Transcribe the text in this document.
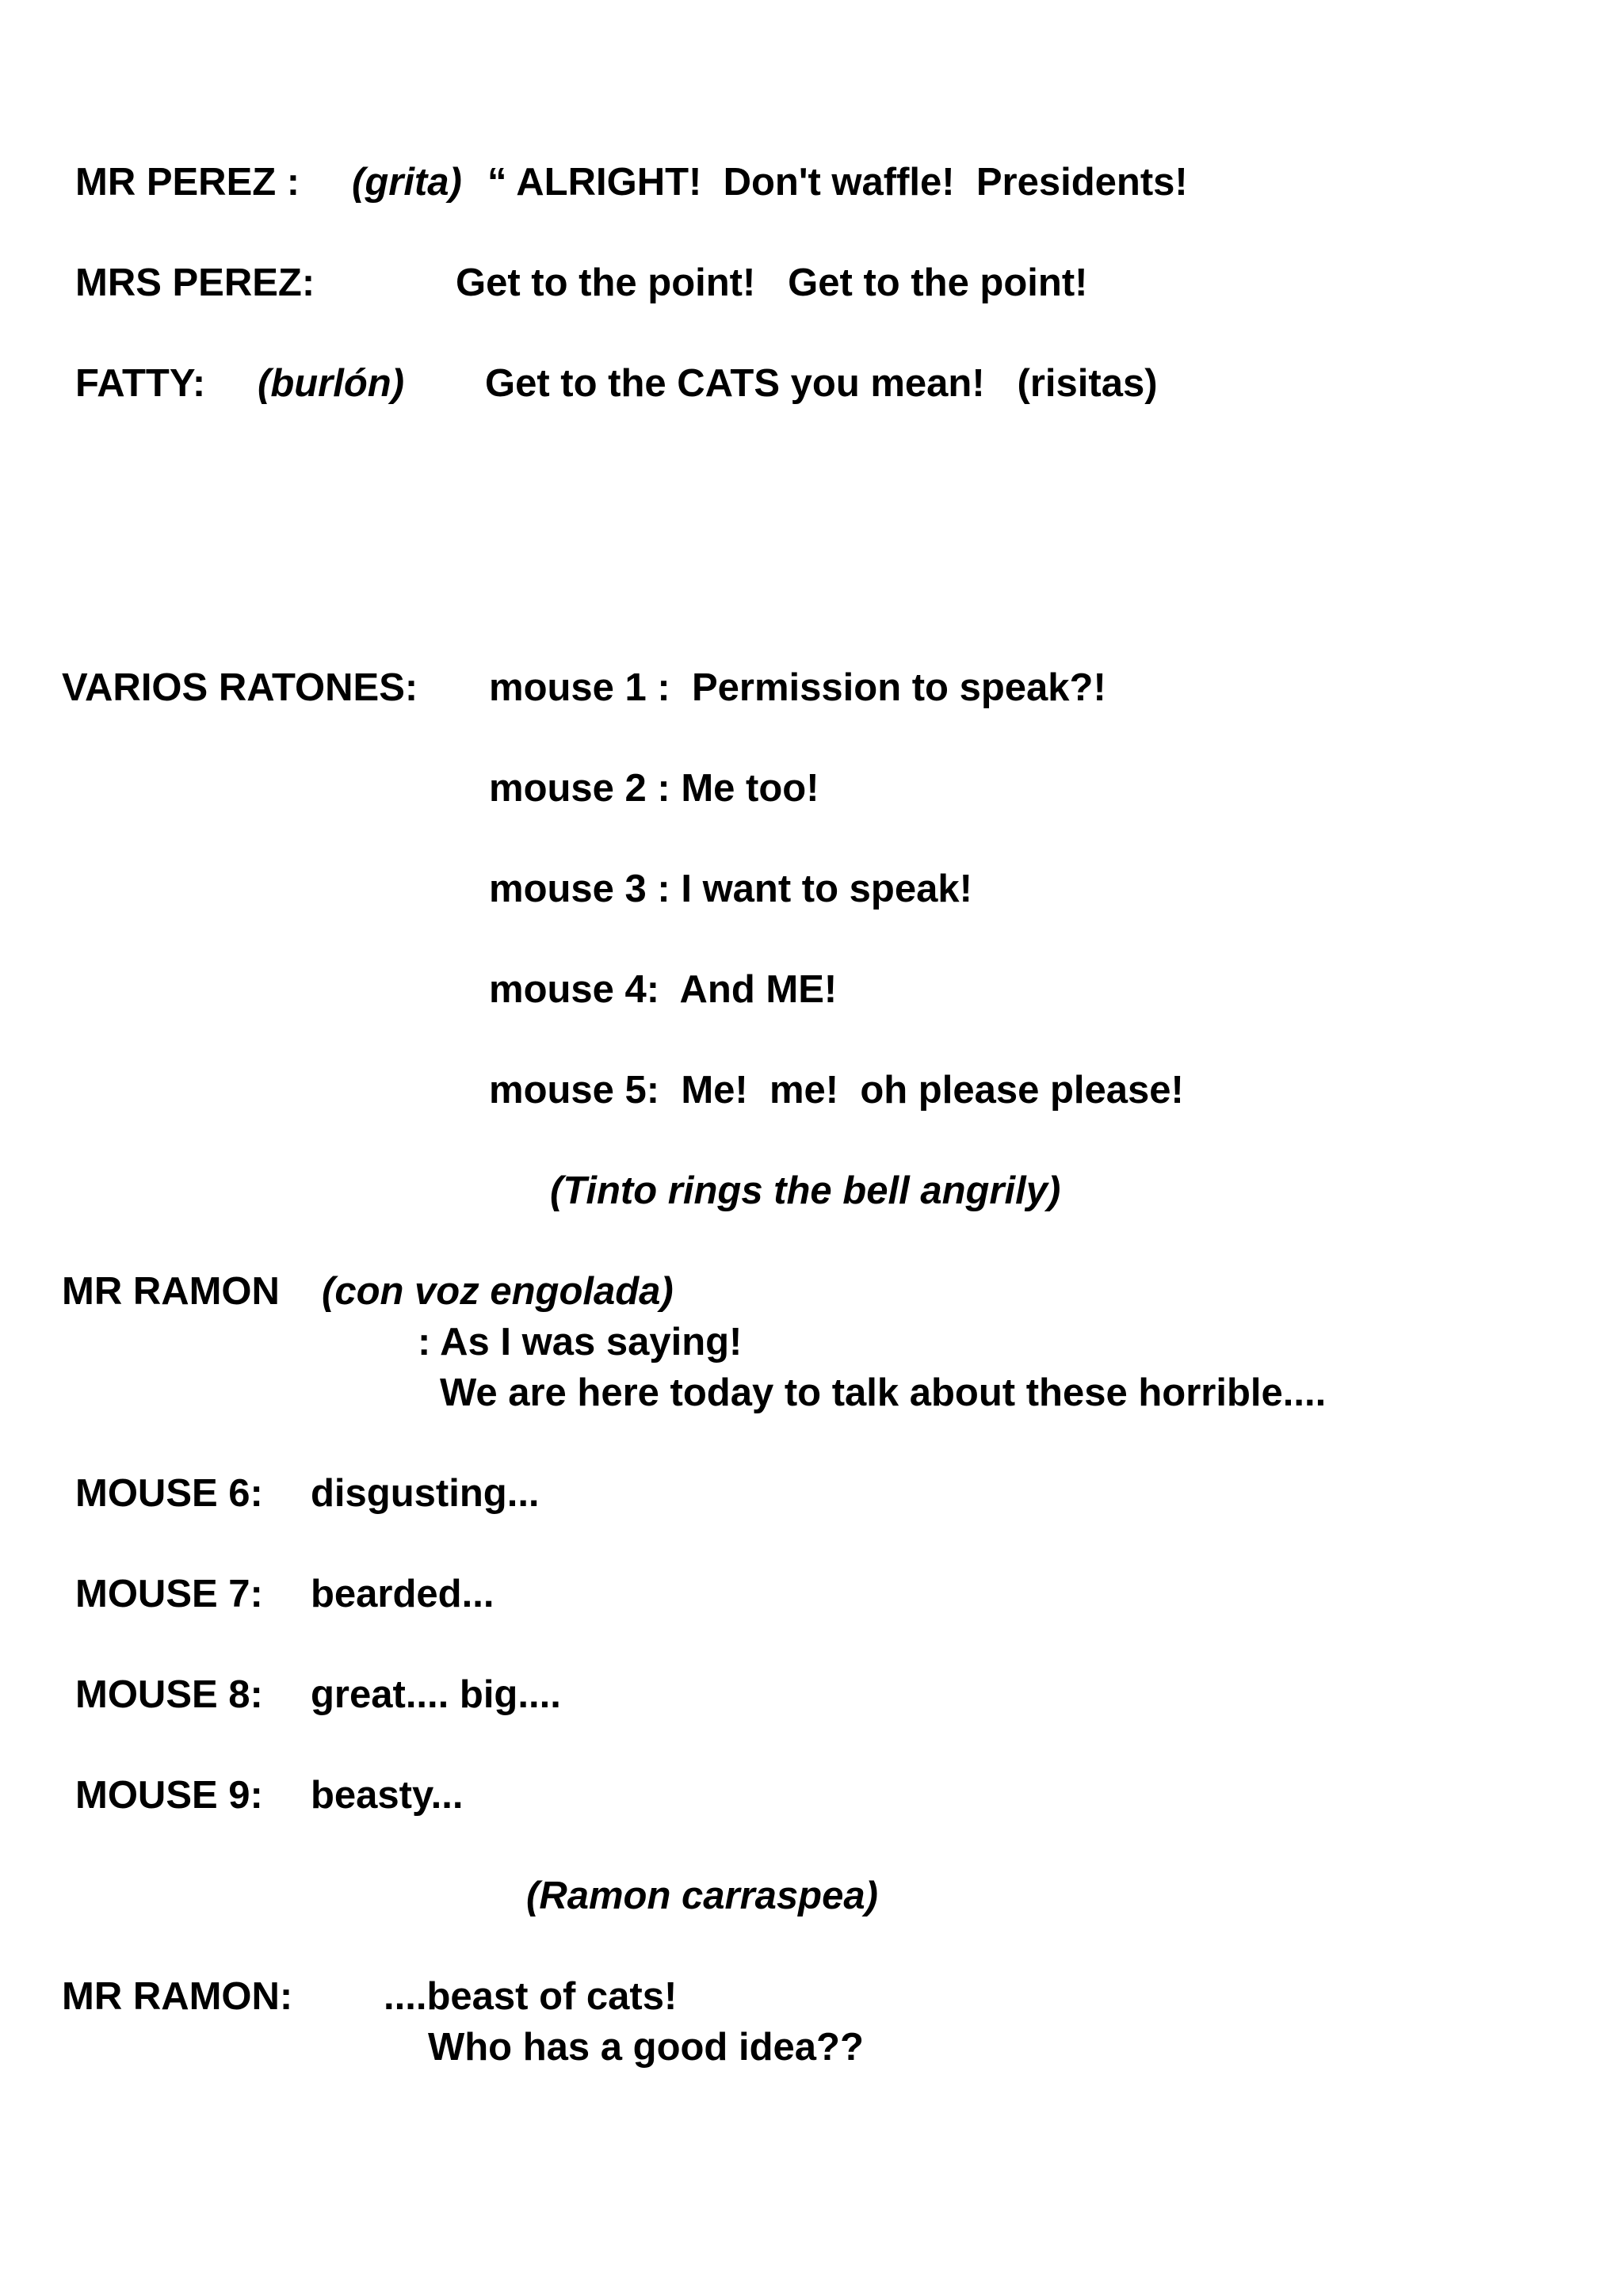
MR PEREZ : (grita) “ ALRIGHT!  Don't waffle!  Presidents!
MRS PEREZ:	Get to the point!   Get to the point!
FATTY: (burlón) Get to the CATS you mean!   (risitas)
VARIOS RATONES: mouse 1 :  Permission to speak?!
mouse 2 : Me too!
mouse 3 : I want to speak!
mouse 4:  And ME!
mouse 5:  Me!  me!  oh please please!
(Tinto rings the bell angrily)
MR RAMON (con voz engolada)
: As I was saying!
We are here today to talk about these horrible....
MOUSE 6: disgusting...
MOUSE 7: bearded...
MOUSE 8: great.... big....
MOUSE 9: beasty...
(Ramon carraspea)
MR RAMON: ....beast of cats!
Who has a good idea??
